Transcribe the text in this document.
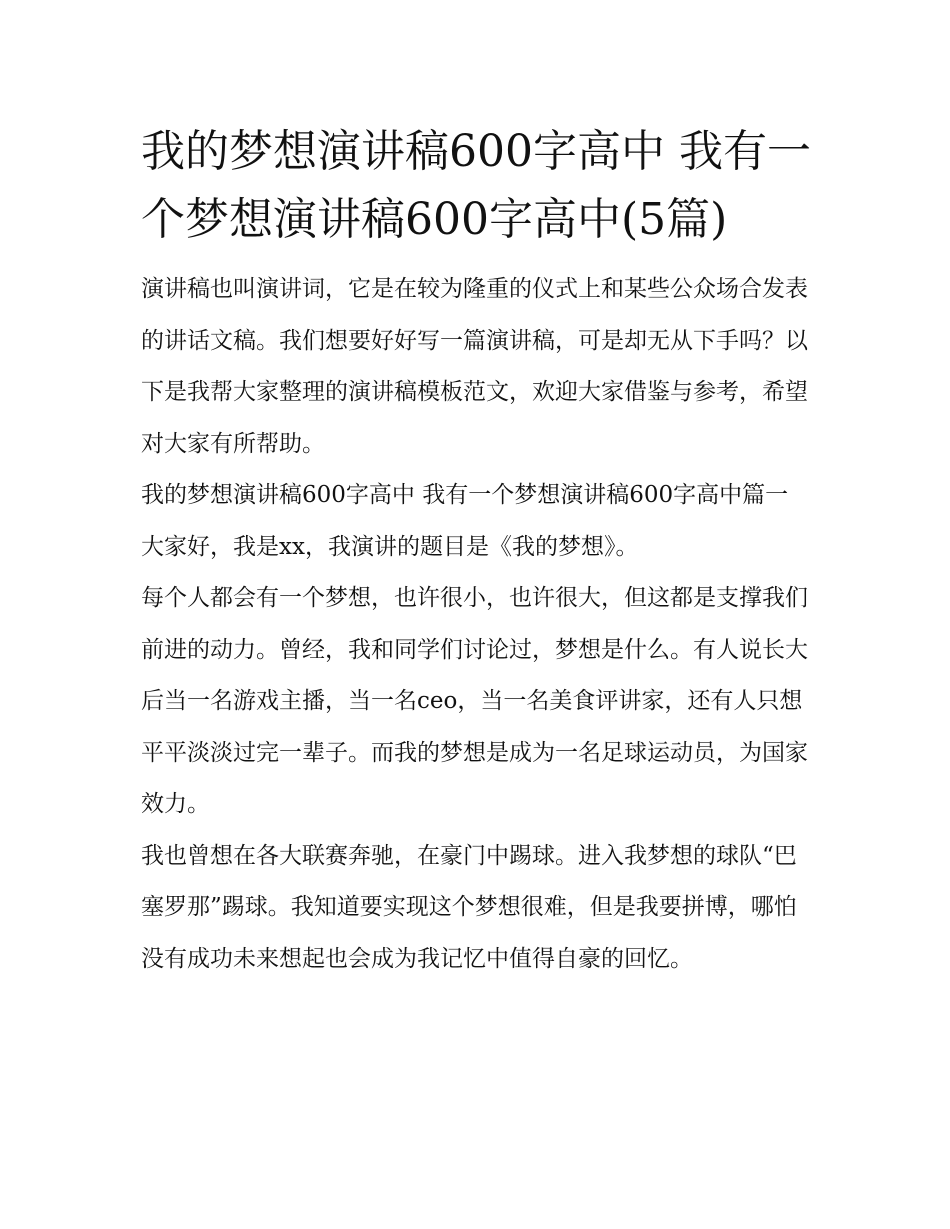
我的梦想演讲稿600字高中 我有一个梦想演讲稿600字高中(5篇)

演讲稿也叫演讲词，它是在较为隆重的仪式上和某些公众场合发表的讲话文稿。我们想要好好写一篇演讲稿，可是却无从下手吗？以下是我帮大家整理的演讲稿模板范文，欢迎大家借鉴与参考，希望对大家有所帮助。

我的梦想演讲稿600字高中 我有一个梦想演讲稿600字高中篇一 大家好，我是xx，我演讲的题目是《我的梦想》。

每个人都会有一个梦想，也许很小，也许很大，但这都是支撑我们前进的动力。曾经，我和同学们讨论过，梦想是什么。有人说长大后当一名游戏主播，当一名ceo，当一名美食评讲家，还有人只想平平淡淡过完一辈子。而我的梦想是成为一名足球运动员，为国家效力。

我也曾想在各大联赛奔驰，在豪门中踢球。进入我梦想的球队“巴塞罗那”踢球。我知道要实现这个梦想很难，但是我要拼博，哪怕没有成功未来想起也会成为我记忆中值得自豪的回忆。
